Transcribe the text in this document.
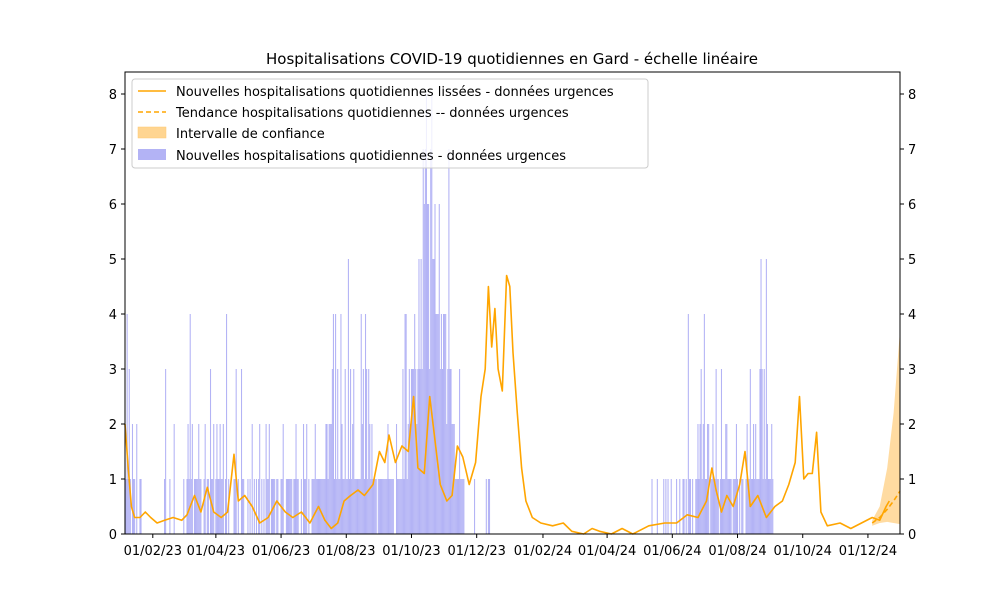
Hospitalisations COVID-19 quotidiennes en Gard - échelle linéaire
0	0
1	1
2	2
3	3
4	4
5	5
6	6
7	7
8	8
01/02/23 01/04/23 01/06/23 01/08/23 01/10/23 01/12/23 01/02/24 01/04/24 01/06/24 01/08/24 01/10/24 01/12/24
Nouvelles hospitalisations quotidiennes lissées - données urgences
Tendance hospitalisations quotidiennes -- données urgences
Intervalle de confiance
Nouvelles hospitalisations quotidiennes - données urgences
